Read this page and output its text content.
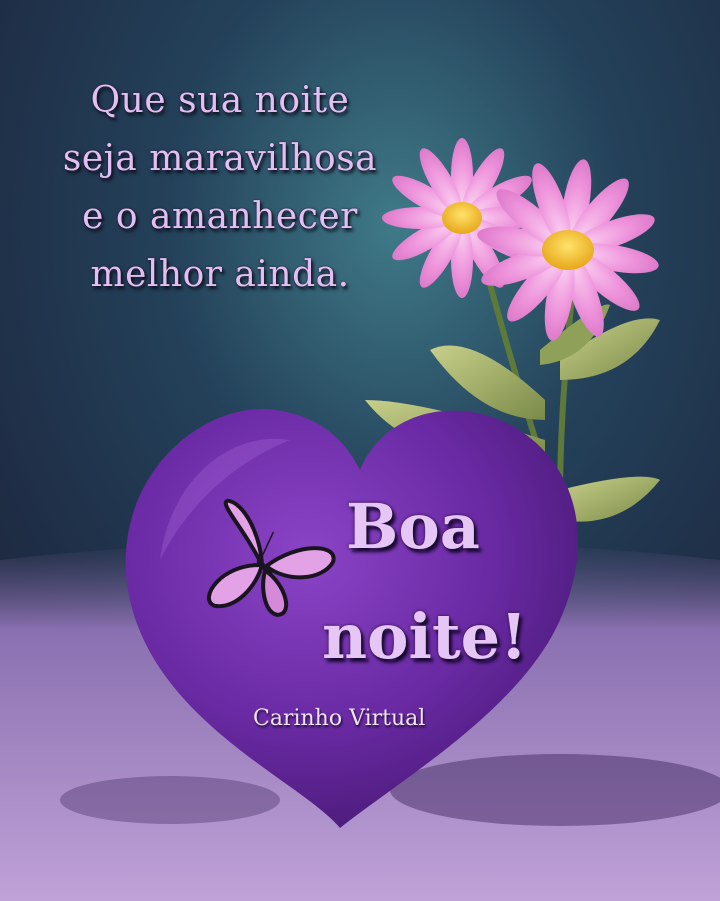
Que sua noite
seja maravilhosa
e o amanhecer
melhor ainda.
Boa
noite!
Carinho Virtual
